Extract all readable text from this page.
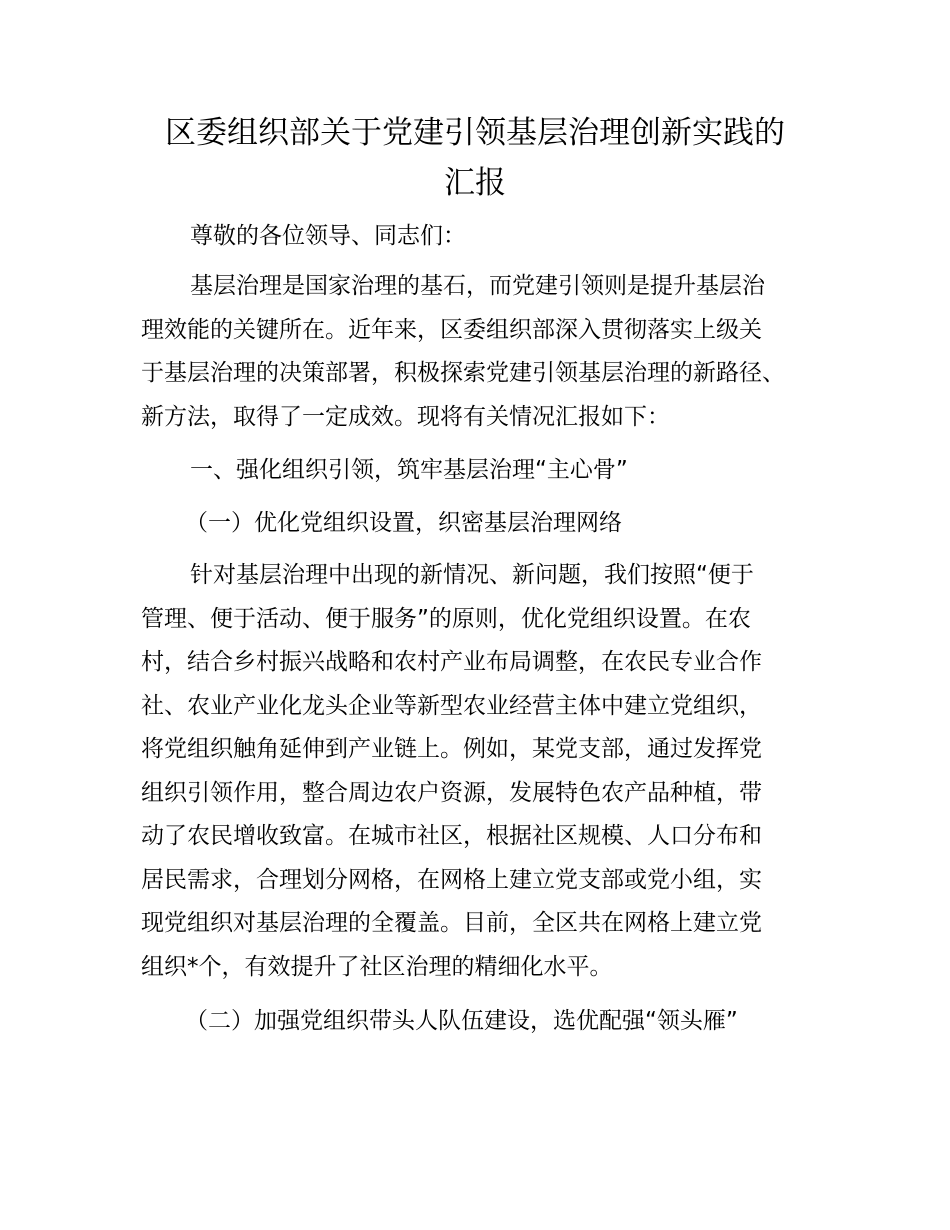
区委组织部关于党建引领基层治理创新实践的
汇报

尊敬的各位领导、同志们：

基层治理是国家治理的基石，而党建引领则是提升基层治
理效能的关键所在。近年来，区委组织部深入贯彻落实上级关
于基层治理的决策部署，积极探索党建引领基层治理的新路径、
新方法，取得了一定成效。现将有关情况汇报如下：

一、强化组织引领，筑牢基层治理“主心骨”

（一）优化党组织设置，织密基层治理网络

针对基层治理中出现的新情况、新问题，我们按照“便于
管理、便于活动、便于服务”的原则，优化党组织设置。在农
村，结合乡村振兴战略和农村产业布局调整，在农民专业合作
社、农业产业化龙头企业等新型农业经营主体中建立党组织，
将党组织触角延伸到产业链上。例如，某党支部，通过发挥党
组织引领作用，整合周边农户资源，发展特色农产品种植，带
动了农民增收致富。在城市社区，根据社区规模、人口分布和
居民需求，合理划分网格，在网格上建立党支部或党小组，实
现党组织对基层治理的全覆盖。目前，全区共在网格上建立党
组织*个，有效提升了社区治理的精细化水平。

（二）加强党组织带头人队伍建设，选优配强“领头雁”
